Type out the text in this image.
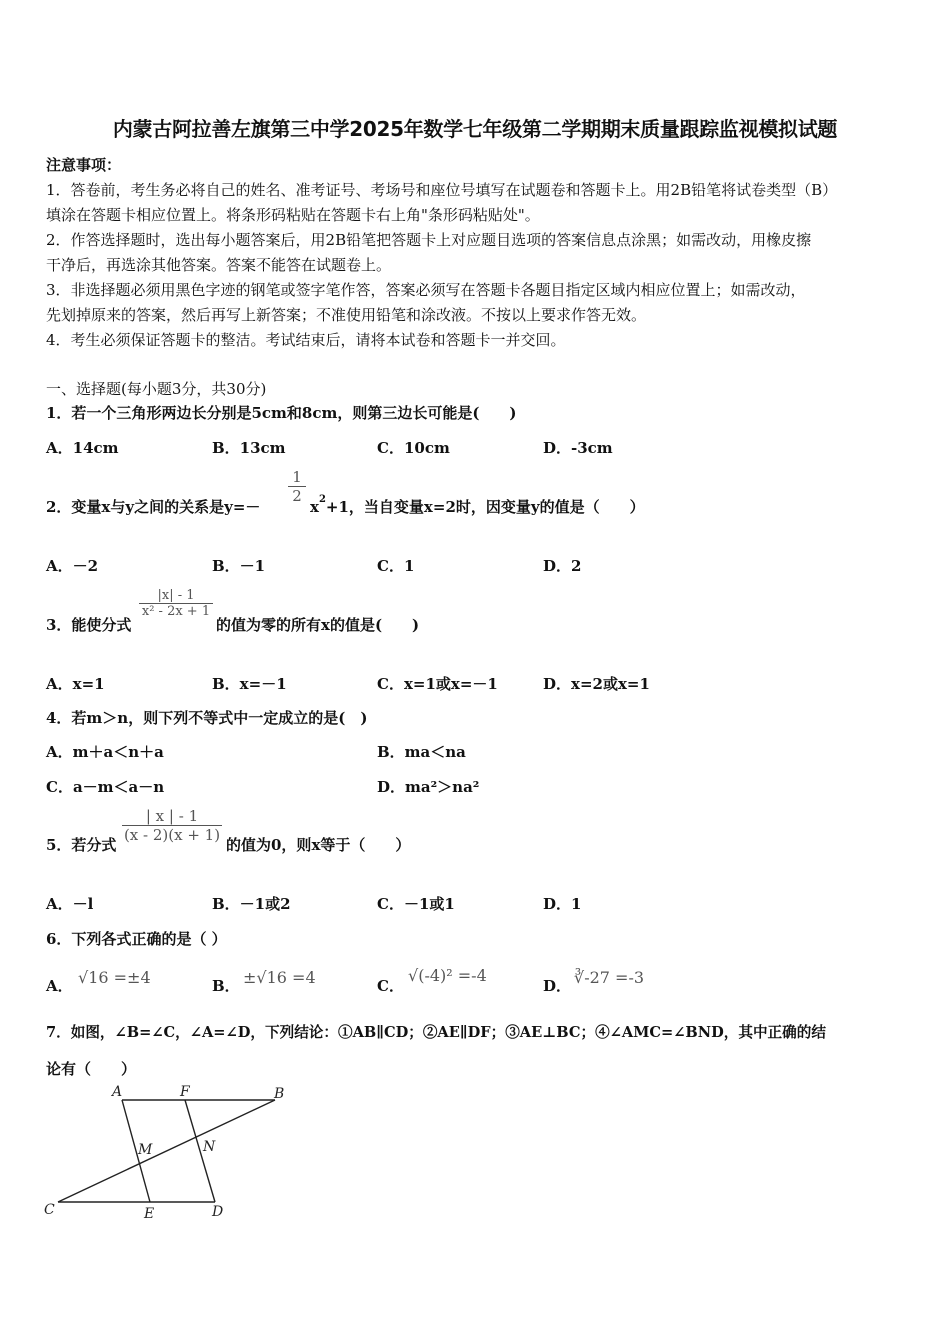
内蒙古阿拉善左旗第三中学2025年数学七年级第二学期期末质量跟踪监视模拟试题
注意事项：
1．答卷前，考生务必将自己的姓名、准考证号、考场号和座位号填写在试题卷和答题卡上。用2B铅笔将试卷类型（B）
填涂在答题卡相应位置上。将条形码粘贴在答题卡右上角"条形码粘贴处"。
2．作答选择题时，选出每小题答案后，用2B铅笔把答题卡上对应题目选项的答案信息点涂黑；如需改动，用橡皮擦
干净后，再选涂其他答案。答案不能答在试题卷上。
3．非选择题必须用黑色字迹的钢笔或签字笔作答，答案必须写在答题卡各题目指定区域内相应位置上；如需改动，
先划掉原来的答案，然后再写上新答案；不准使用铅笔和涂改液。不按以上要求作答无效。
4．考生必须保证答题卡的整洁。考试结束后，请将本试卷和答题卡一并交回。
一、选择题(每小题3分，共30分)
1．若一个三角形两边长分别是5cm和8cm，则第三边长可能是(　　)
A．14cm	B．13cm	C．10cm	D．-3cm
2．变量x与y之间的关系是y=－
1
2
$x^2+1$，当自变量x=2时，因变量y的值是（　　）
A．－2	B．－1	C．1	D．2
3．能使分式
|x| - 1
x² - 2x + 1
的值为零的所有x的值是(　　)
A．x=1	B．x=－1	C．x=1或x=－1	D．x=2或x=1
4．若m＞n，则下列不等式中一定成立的是(　)
A．m＋a＜n＋a	B．ma＜na
C．a－m＜a－n	D．ma²＞na²
5．若分式
| x | - 1
(x - 2)(x + 1)
的值为0，则x等于（　　）
A．－l	B．－1或2	C．－1或1	D．1
6．下列各式正确的是（ ）
A． √16 =±4	B． ±√16 =4	C．
√(-4)² =-4
D． ∛-27 =-3
7．如图，∠B=∠C，∠A=∠D，下列结论：①AB∥CD；②AE∥DF；③AE⊥BC；④∠AMC=∠BND，其中正确的结
论有（　　）
A	F	B
M	N
C	E	D
